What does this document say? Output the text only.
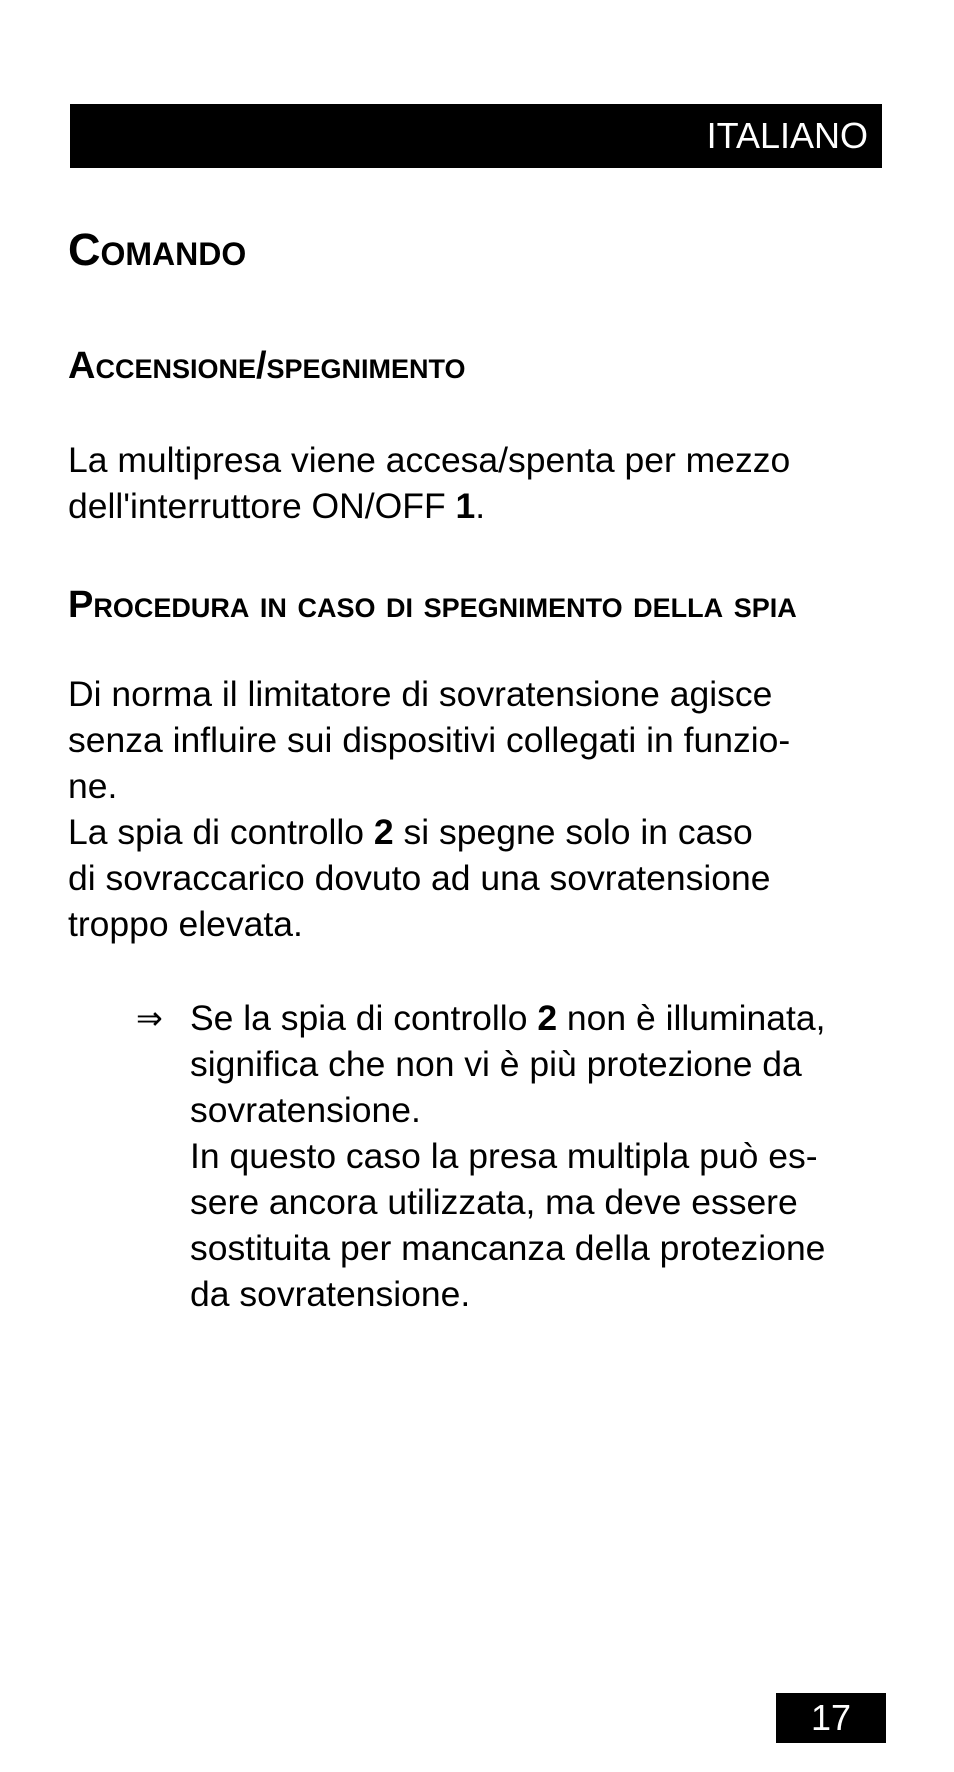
ITALIANO
Comando
Accensione/spegnimento

La multipresa viene accesa/spenta per mezzo
dell'interruttore ON/OFF 1.

Procedura in caso di spegnimento della spia

Di norma il limitatore di sovratensione agisce
senza influire sui dispositivi collegati in funzio-
ne.
La spia di controllo 2 si spegne solo in caso
di sovraccarico dovuto ad una sovratensione
troppo elevata.

⇒ Se la spia di controllo 2 non è illuminata,
significa che non vi è più protezione da
sovratensione.
In questo caso la presa multipla può es-
sere ancora utilizzata, ma deve essere
sostituita per mancanza della protezione
da sovratensione.

17
